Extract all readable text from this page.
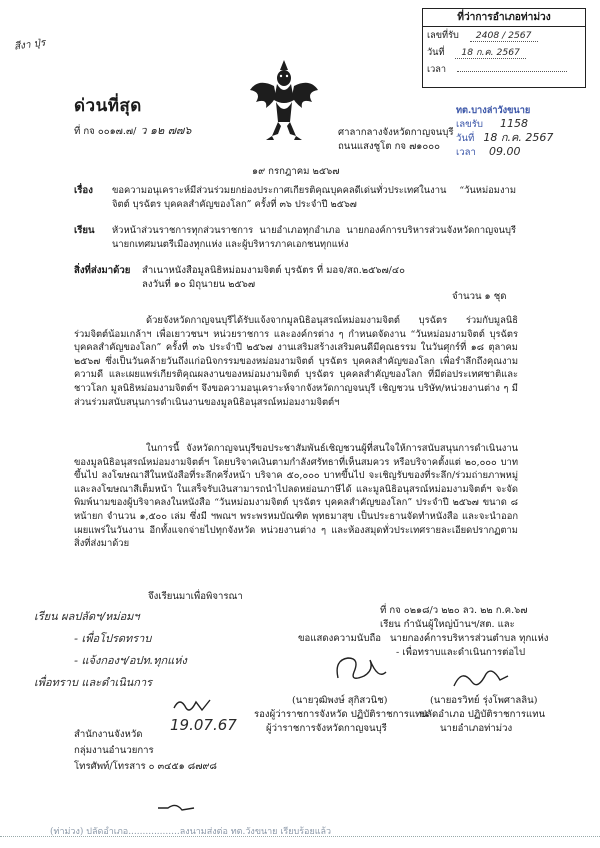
ที่ว่าการอำเภอท่าม่วง
เลขที่รับ 2408 / 2567
วันที่ 18 ก.ค. 2567
เวลา
สีงา ปุ่ร
ด่วนที่สุด
ที่ กจ ๐๐๑๗.๗/ ว ๑๒ ๗๗๖
ทต.บางล่าวังขนาย
เลขรับ 1158
วันที่ 18 ก.ค. 2567
เวลา 09.00
ศาลากลางจังหวัดกาญจนบุรี
ถนนแสงชูโต กจ ๗๑๐๐๐
๑๙ กรกฎาคม ๒๕๖๗
เรื่อง ขอความอนุเคราะห์มีส่วนร่วมยกย่องประกาศเกียรติคุณบุคคลดีเด่นทั่วประเทศในงาน “วันหม่อมงามจิตต์ บุรฉัตร บุคคลสำคัญของโลก” ครั้งที่ ๓๖ ประจำปี ๒๕๖๗
เรียน หัวหน้าส่วนราชการทุกส่วนราชการ นายอำเภอทุกอำเภอ นายกองค์การบริหารส่วนจังหวัดกาญจนบุรี นายกเทศมนตรีเมืองทุกแห่ง และผู้บริหารภาคเอกชนทุกแห่ง
สิ่งที่ส่งมาด้วย สำเนาหนังสือมูลนิธิหม่อมงามจิตต์ บุรฉัตร ที่ มอจ/สถ.๒๕๖๗/๔๐
ลงวันที่ ๑๐ มิถุนายน ๒๕๖๗
จำนวน ๑ ชุด
ด้วยจังหวัดกาญจนบุรีได้รับแจ้งจากมูลนิธิอนุสรณ์หม่อมงามจิตต์ บุรฉัตร ร่วมกับมูลนิธิร่วมจิตต์น้อมเกล้าฯ เพื่อเยาวชนฯ หน่วยราชการ และองค์กรต่าง ๆ กำหนดจัดงาน “วันหม่อมงามจิตต์ บุรฉัตร บุคคลสำคัญของโลก” ครั้งที่ ๓๖ ประจำปี ๒๕๖๗ งานเสริมสร้างเสริมคนดีมีคุณธรรม ในวันศุกร์ที่ ๑๘ ตุลาคม ๒๕๖๗ ซึ่งเป็นวันคล้ายวันถึงแก่อนิจกรรมของหม่อมงามจิตต์ บุรฉัตร บุคคลสำคัญของโลก เพื่อรำลึกถึงคุณงามความดี และเผยแพร่เกียรติคุณผลงานของหม่อมงามจิตต์ บุรฉัตร บุคคลสำคัญของโลก ที่มีต่อประเทศชาติและชาวโลก มูลนิธิหม่อมงามจิตต์ฯ จึงขอความอนุเคราะห์จากจังหวัดกาญจนบุรี เชิญชวน บริษัท/หน่วยงานต่าง ๆ มีส่วนร่วมสนับสนุนการดำเนินงานของมูลนิธิอนุสรณ์หม่อมงามจิตต์ฯ
ในการนี้ จังหวัดกาญจนบุรีขอประชาสัมพันธ์เชิญชวนผู้ที่สนใจให้การสนับสนุนการดำเนินงานของมูลนิธิอนุสรณ์หม่อมงามจิตต์ฯ โดยบริจาคเงินตามกำลังศรัทธาที่เห็นสมควร หรือบริจาคตั้งแต่ ๒๐,๐๐๐ บาทขึ้นไป ลงโฆษณาสีในหนังสือที่ระลึกครึ่งหน้า บริจาค ๕๐,๐๐๐ บาทขึ้นไป จะเชิญรับของที่ระลึก/ร่วมถ่ายภาพหมู่ และลงโฆษณาสีเต็มหน้า ในเสร็จรับเงินสามารถนำไปลดหย่อนภาษีได้ และมูลนิธิอนุสรณ์หม่อมงามจิตต์ฯ จะจัดพิมพ์นามของผู้บริจาคลงในหนังสือ “วันหม่อมงามจิตต์ บุรฉัตร บุคคลสำคัญของโลก” ประจำปี ๒๕๖๗ ขนาด ๘ หน้ายก จำนวน ๑,๕๐๐ เล่ม ซึ่งมี ฯพณฯ พระพรหมบัณฑิต พุทธมาสุข เป็นประธานจัดทำหนังสือ และจะนำออกเผยแพร่ในวันงาน อีกทั้งแจกจ่ายไปทุกจังหวัด หน่วยงานต่าง ๆ และห้องสมุดทั่วประเทศรายละเอียดปรากฏตามสิ่งที่ส่งมาด้วย
จึงเรียนมาเพื่อพิจารณา
เรียน ผลปลัดฯ/หม่อมฯ
- เพื่อโปรดทราบ
- แจ้งกองฯ/อปท.ทุกแห่ง
เพื่อทราบ และดำเนินการ
ขอแสดงความนับถือ
(นายวุฒิพงษ์ สุกิสวนิช)
รองผู้ว่าราชการจังหวัด ปฏิบัติราชการแทน
ผู้ว่าราชการจังหวัดกาญจนบุรี
สำนักงานจังหวัด
19.07.67
กลุ่มงานอำนวยการ
โทรศัพท์/โทรสาร ๐ ๓๔๕๑ ๘๗๙๘
ที่ กจ ๐๒๑๘/ว ๒๒๐ ลว. ๒๒ ก.ค.๖๗
เรียน กำนันผู้ใหญ่บ้านฯ/สต. และ
นายกองค์การบริหารส่วนตำบล ทุกแห่ง
- เพื่อทราบและดำเนินการต่อไป
(นายอรวิทย์ รุ่งโพศาลลิน)
ปลัดอำเภอ ปฏิบัติราชการแทน
นายอำเภอท่าม่วง
(ท่าม่วง) ปลัดอำเภอ..................ลงนามส่งต่อ ทต.วังขนาย เรียบร้อยแล้ว
